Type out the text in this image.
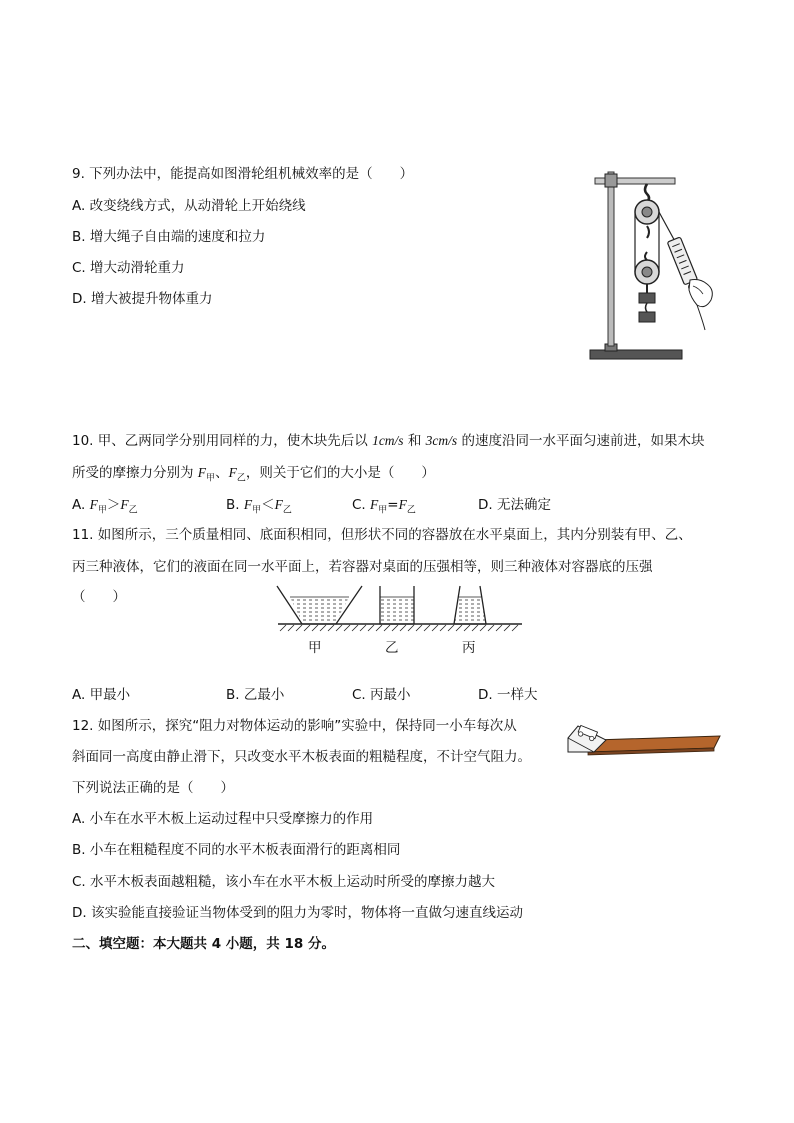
9. 下列办法中，能提高如图滑轮组机械效率的是（　　）
A. 改变绕线方式，从动滑轮上开始绕线
B. 增大绳子自由端的速度和拉力
C. 增大动滑轮重力
D. 增大被提升物体重力
10. 甲、乙两同学分别用同样的力，使木块先后以 1cm/s 和 3cm/s 的速度沿同一水平面匀速前进，如果木块
所受的摩擦力分别为 $F_甲$、$F_乙$，则关于它们的大小是（　　）
A. $F_甲>F_乙$	B. $F_甲<F_乙$	C. $F_甲=F_乙$	D. 无法确定
11. 如图所示，三个质量相同、底面积相同，但形状不同的容器放在水平桌面上，其内分别装有甲、乙、
丙三种液体，它们的液面在同一水平面上，若容器对桌面的压强相等，则三种液体对容器底的压强
（　　）
甲	乙	丙
A. 甲最小	B. 乙最小	C. 丙最小	D. 一样大
12. 如图所示，探究“阻力对物体运动的影响”实验中，保持同一小车每次从
斜面同一高度由静止滑下，只改变水平木板表面的粗糙程度，不计空气阻力。
下列说法正确的是（　　）
A. 小车在水平木板上运动过程中只受摩擦力的作用
B. 小车在粗糙程度不同的水平木板表面滑行的距离相同
C. 水平木板表面越粗糙，该小车在水平木板上运动时所受的摩擦力越大
D. 该实验能直接验证当物体受到的阻力为零时，物体将一直做匀速直线运动
二、填空题：本大题共 4 小题，共 18 分。
